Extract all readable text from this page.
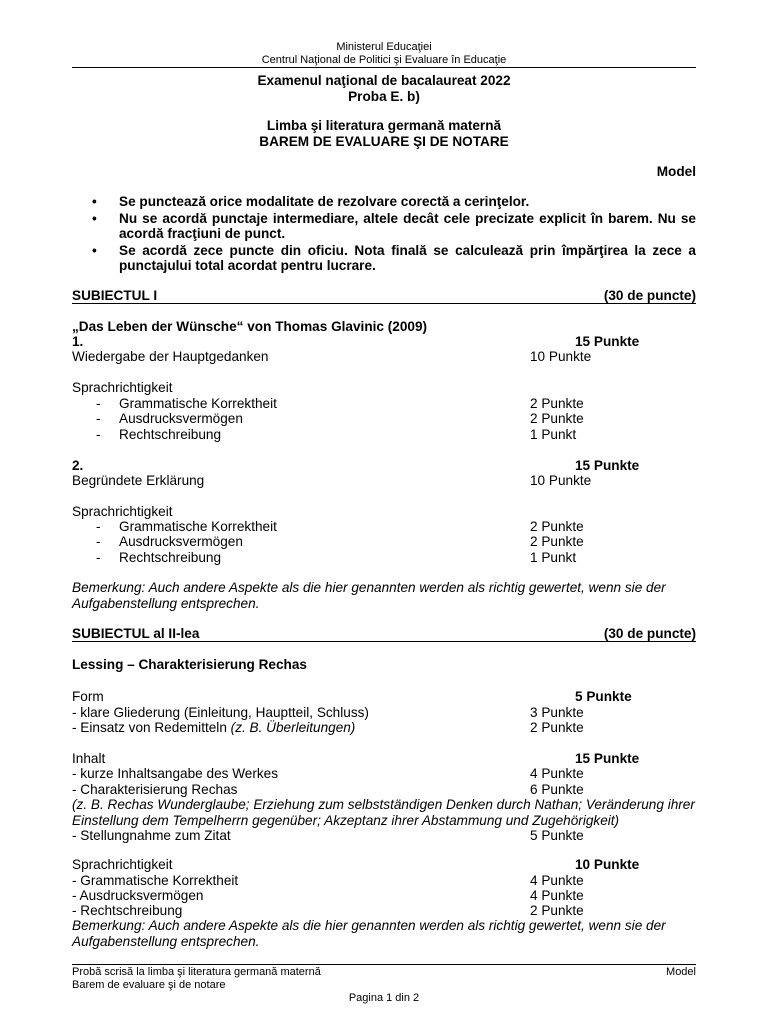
Ministerul Educaţiei
Centrul Naţional de Politici şi Evaluare în Educaţie
Examenul naţional de bacalaureat 2022
Proba E. b)
Limba şi literatura germană maternă
BAREM DE EVALUARE ŞI DE NOTARE
Model
• Se punctează orice modalitate de rezolvare corectă a cerinţelor.
• Nu se acordă punctaje intermediare, altele decât cele precizate explicit în barem. Nu se acordă fracţiuni de punct.
• Se acordă zece puncte din oficiu. Nota finală se calculează prin împărţirea la zece a punctajului total acordat pentru lucrare.
SUBIECTUL I	(30 de puncte)
„Das Leben der Wünsche“ von Thomas Glavinic (2009)
1.	15 Punkte
Wiedergabe der Hauptgedanken	10 Punkte
Sprachrichtigkeit
- Grammatische Korrektheit	2 Punkte
- Ausdrucksvermögen	2 Punkte
- Rechtschreibung	1 Punkt
2.	15 Punkte
Begründete Erklärung	10 Punkte
Sprachrichtigkeit
- Grammatische Korrektheit	2 Punkte
- Ausdrucksvermögen	2 Punkte
- Rechtschreibung	1 Punkt
Bemerkung: Auch andere Aspekte als die hier genannten werden als richtig gewertet, wenn sie der Aufgabenstellung entsprechen.
SUBIECTUL al II-lea	(30 de puncte)
Lessing – Charakterisierung Rechas
Form	5 Punkte
- klare Gliederung (Einleitung, Hauptteil, Schluss)	3 Punkte
- Einsatz von Redemitteln (z. B. Überleitungen)	2 Punkte
Inhalt	15 Punkte
- kurze Inhaltsangabe des Werkes	4 Punkte
- Charakterisierung Rechas	6 Punkte
(z. B. Rechas Wunderglaube; Erziehung zum selbstständigen Denken durch Nathan; Veränderung ihrer Einstellung dem Tempelherrn gegenüber; Akzeptanz ihrer Abstammung und Zugehörigkeit)
- Stellungnahme zum Zitat	5 Punkte
Sprachrichtigkeit	10 Punkte
- Grammatische Korrektheit	4 Punkte
- Ausdrucksvermögen	4 Punkte
- Rechtschreibung	2 Punkte
Bemerkung: Auch andere Aspekte als die hier genannten werden als richtig gewertet, wenn sie der Aufgabenstellung entsprechen.
Probă scrisă la limba şi literatura germană maternă
Barem de evaluare şi de notare
Model
Pagina 1 din 2
